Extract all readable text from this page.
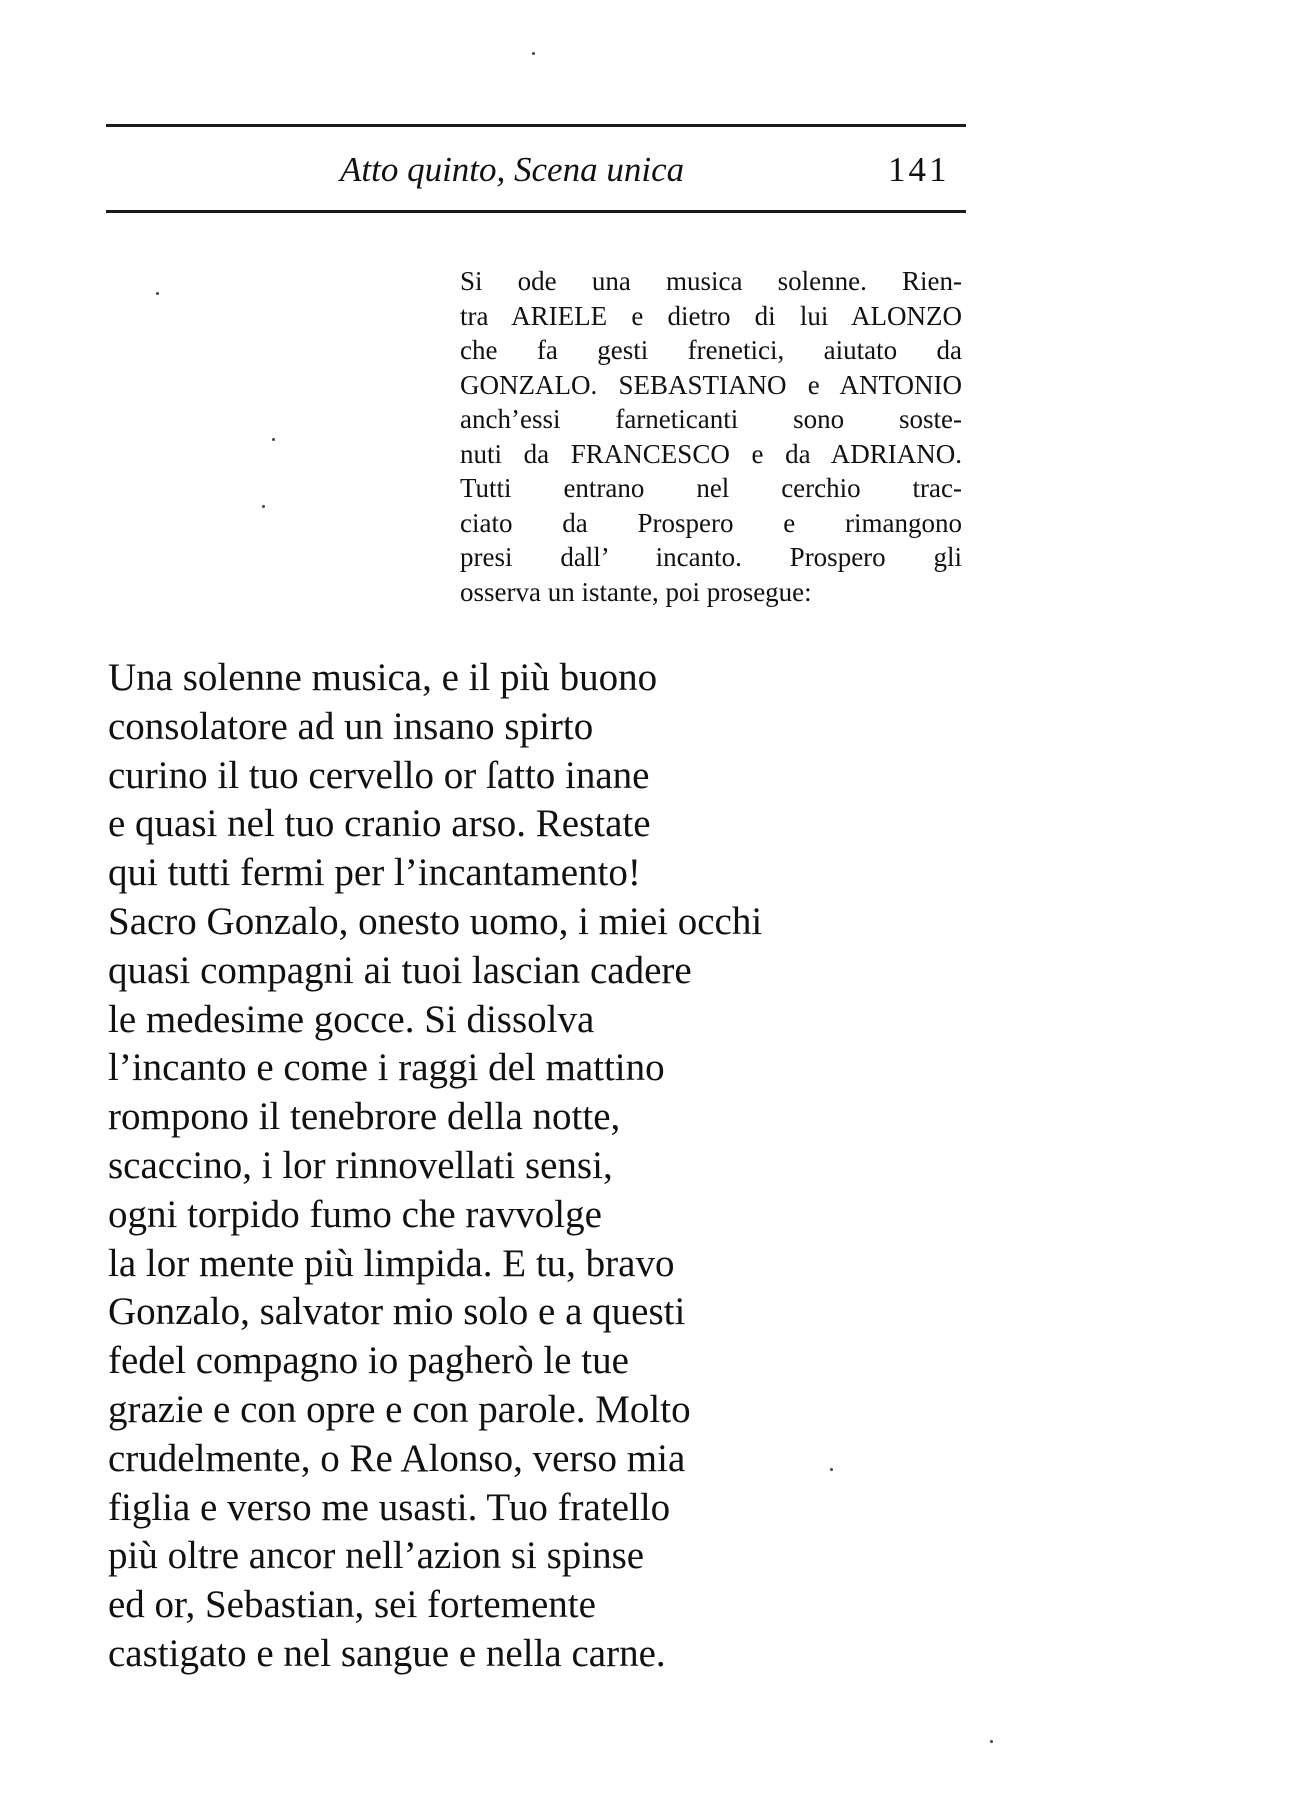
Atto quinto, Scena unica	141
Si ode una musica solenne. Rien-
tra ARIELE e dietro di lui ALONZO
che fa gesti frenetici, aiutato da
GONZALO. SEBASTIANO e ANTONIO
anch’essi farneticanti sono soste-
nuti da FRANCESCO e da ADRIANO.
Tutti entrano nel cerchio trac-
ciato da Prospero e rimangono
presi dall’ incanto. Prospero gli
osserva un istante, poi prosegue:
Una solenne musica, e il più buono
consolatore ad un insano spirto
curino il tuo cervello or ſatto inane
e quasi nel tuo cranio arso. Restate
qui tutti fermi per l’incantamento!
Sacro Gonzalo, onesto uomo, i miei occhi
quasi compagni ai tuoi lascian cadere
le medesime gocce. Si dissolva
l’incanto e come i raggi del mattino
rompono il tenebrore della notte,
scaccino, i lor rinnovellati sensi,
ogni torpido fumo che ravvolge
la lor mente più limpida. E tu, bravo
Gonzalo, salvator mio solo e a questi
fedel compagno io pagherò le tue
grazie e con opre e con parole. Molto
crudelmente, o Re Alonso, verso mia
figlia e verso me usasti. Tuo fratello
più oltre ancor nell’azion si spinse
ed or, Sebastian, sei fortemente
castigato e nel sangue e nella carne.
